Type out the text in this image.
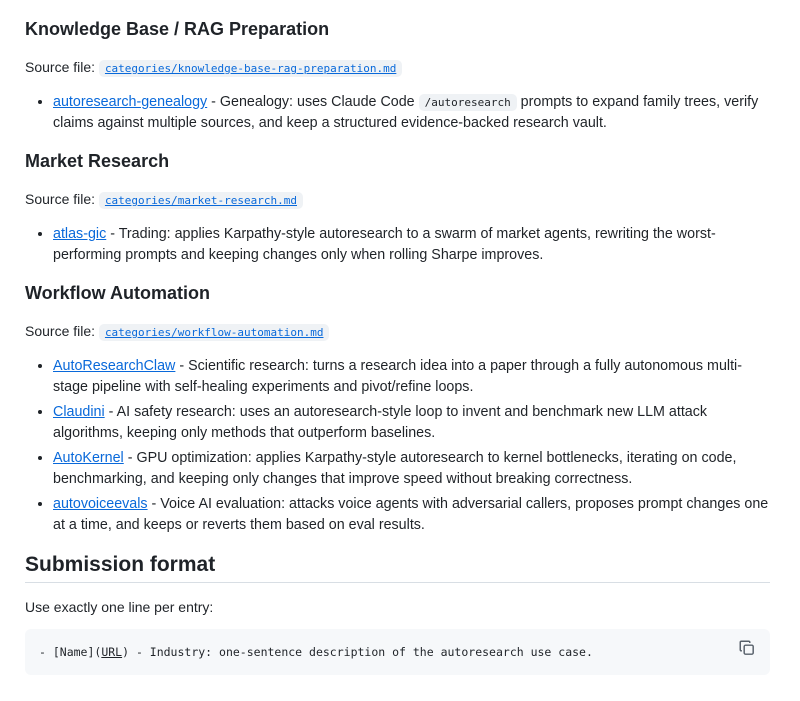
Knowledge Base / RAG Preparation

Source file: categories/knowledge-base-rag-preparation.md

• autoresearch-genealogy - Genealogy: uses Claude Code /autoresearch prompts to expand family trees, verify claims against multiple sources, and keep a structured evidence-backed research vault.
Market Research

Source file: categories/market-research.md

• atlas-gic - Trading: applies Karpathy-style autoresearch to a swarm of market agents, rewriting the worst-performing prompts and keeping changes only when rolling Sharpe improves.
Workflow Automation

Source file: categories/workflow-automation.md

• AutoResearchClaw - Scientific research: turns a research idea into a paper through a fully autonomous multi-stage pipeline with self-healing experiments and pivot/refine loops.
• Claudini - AI safety research: uses an autoresearch-style loop to invent and benchmark new LLM attack algorithms, keeping only methods that outperform baselines.
• AutoKernel - GPU optimization: applies Karpathy-style autoresearch to kernel bottlenecks, iterating on code, benchmarking, and keeping only changes that improve speed without breaking correctness.
• autovoiceevals - Voice AI evaluation: attacks voice agents with adversarial callers, proposes prompt changes one at a time, and keeps or reverts them based on eval results.
Submission format

Use exactly one line per entry:

- [Name](URL) - Industry: one-sentence description of the autoresearch use case.
